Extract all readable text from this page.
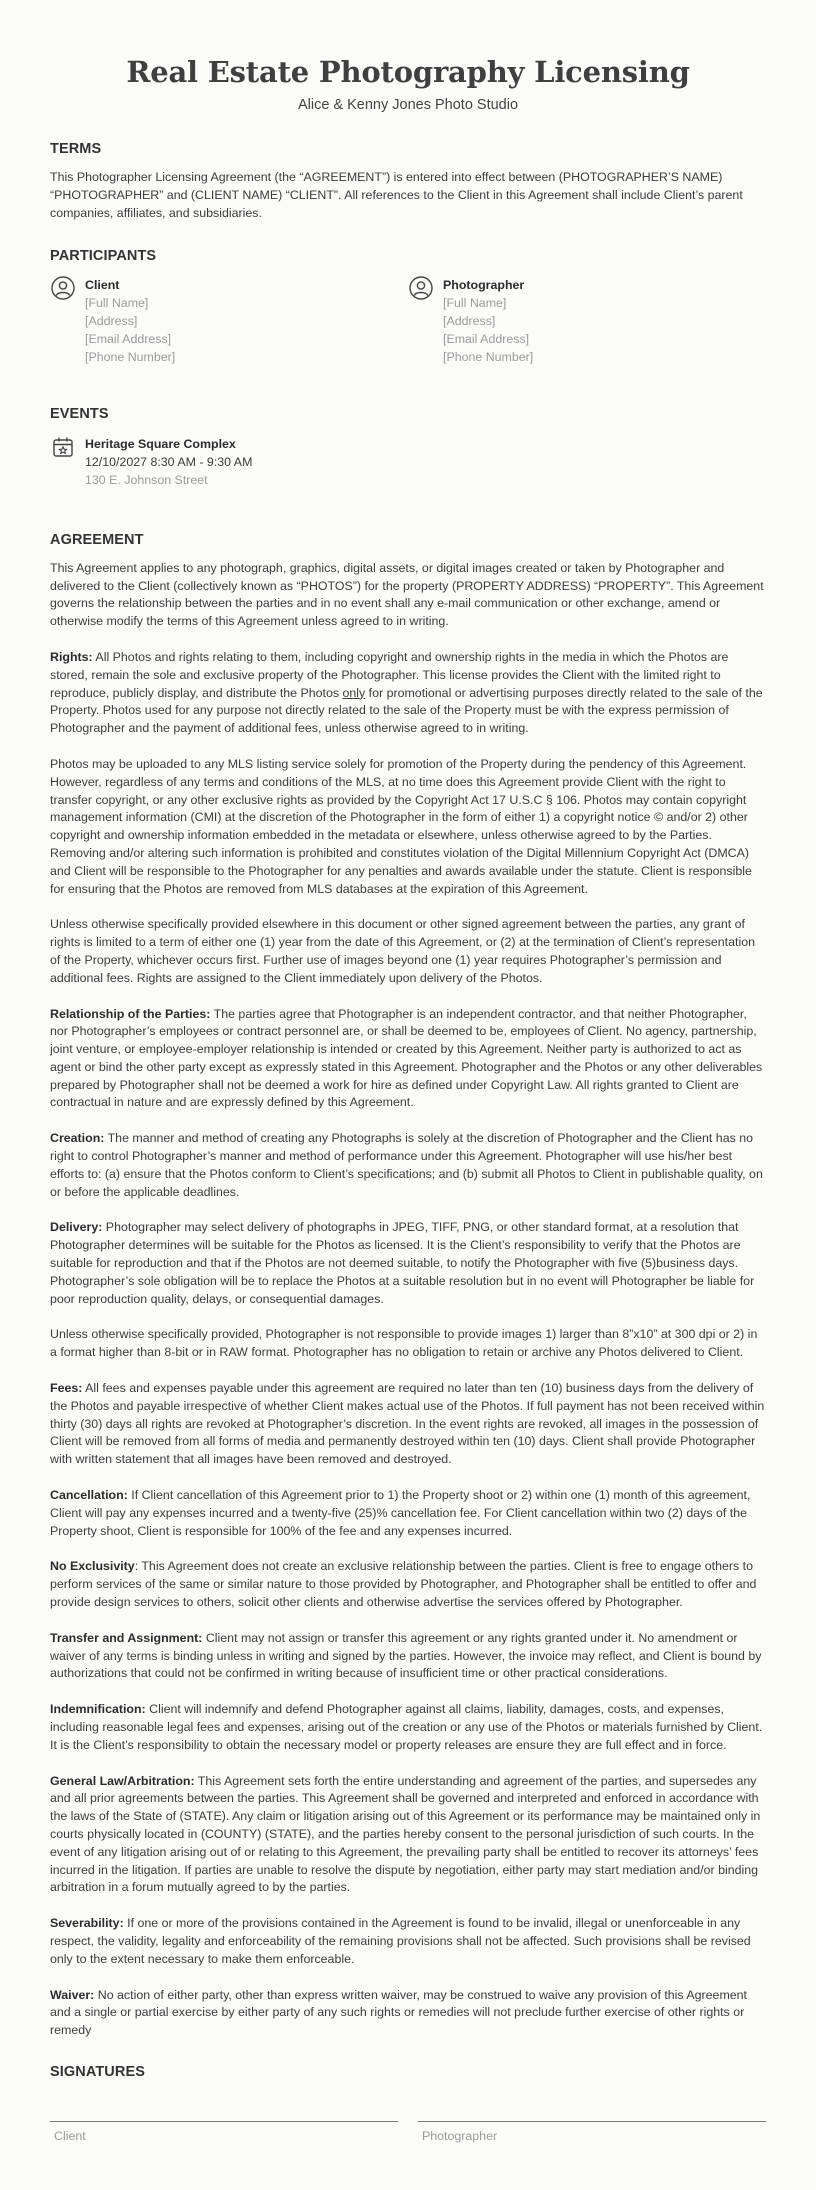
Real Estate Photography Licensing
Alice & Kenny Jones Photo Studio
TERMS

This Photographer Licensing Agreement (the “AGREEMENT”) is entered into effect between (PHOTOGRAPHER’S NAME) “PHOTOGRAPHER” and (CLIENT NAME) “CLIENT”. All references to the Client in this Agreement shall include Client’s parent companies, affiliates, and subsidiaries.

PARTICIPANTS
Client
[Full Name]
[Address]
[Email Address]
[Phone Number]
Photographer
[Full Name]
[Address]
[Email Address]
[Phone Number]
EVENTS
Heritage Square Complex
12/10/2027 8:30 AM - 9:30 AM
130 E. Johnson Street
AGREEMENT

This Agreement applies to any photograph, graphics, digital assets, or digital images created or taken by Photographer and delivered to the Client (collectively known as “PHOTOS”) for the property (PROPERTY ADDRESS) “PROPERTY”. This Agreement governs the relationship between the parties and in no event shall any e-mail communication or other exchange, amend or otherwise modify the terms of this Agreement unless agreed to in writing.

Rights: All Photos and rights relating to them, including copyright and ownership rights in the media in which the Photos are stored, remain the sole and exclusive property of the Photographer. This license provides the Client with the limited right to reproduce, publicly display, and distribute the Photos only for promotional or advertising purposes directly related to the sale of the Property. Photos used for any purpose not directly related to the sale of the Property must be with the express permission of Photographer and the payment of additional fees, unless otherwise agreed to in writing.

Photos may be uploaded to any MLS listing service solely for promotion of the Property during the pendency of this Agreement. However, regardless of any terms and conditions of the MLS, at no time does this Agreement provide Client with the right to transfer copyright, or any other exclusive rights as provided by the Copyright Act 17 U.S.C § 106. Photos may contain copyright management information (CMI) at the discretion of the Photographer in the form of either 1) a copyright notice © and/or 2) other copyright and ownership information embedded in the metadata or elsewhere, unless otherwise agreed to by the Parties. Removing and/or altering such information is prohibited and constitutes violation of the Digital Millennium Copyright Act (DMCA) and Client will be responsible to the Photographer for any penalties and awards available under the statute. Client is responsible for ensuring that the Photos are removed from MLS databases at the expiration of this Agreement.

Unless otherwise specifically provided elsewhere in this document or other signed agreement between the parties, any grant of rights is limited to a term of either one (1) year from the date of this Agreement, or (2) at the termination of Client’s representation of the Property, whichever occurs first. Further use of images beyond one (1) year requires Photographer’s permission and additional fees. Rights are assigned to the Client immediately upon delivery of the Photos.

Relationship of the Parties: The parties agree that Photographer is an independent contractor, and that neither Photographer, nor Photographer’s employees or contract personnel are, or shall be deemed to be, employees of Client. No agency, partnership, joint venture, or employee-employer relationship is intended or created by this Agreement. Neither party is authorized to act as agent or bind the other party except as expressly stated in this Agreement. Photographer and the Photos or any other deliverables prepared by Photographer shall not be deemed a work for hire as defined under Copyright Law. All rights granted to Client are contractual in nature and are expressly defined by this Agreement.

Creation: The manner and method of creating any Photographs is solely at the discretion of Photographer and the Client has no right to control Photographer’s manner and method of performance under this Agreement. Photographer will use his/her best efforts to: (a) ensure that the Photos conform to Client’s specifications; and (b) submit all Photos to Client in publishable quality, on or before the applicable deadlines.

Delivery: Photographer may select delivery of photographs in JPEG, TIFF, PNG, or other standard format, at a resolution that Photographer determines will be suitable for the Photos as licensed. It is the Client’s responsibility to verify that the Photos are suitable for reproduction and that if the Photos are not deemed suitable, to notify the Photographer with five (5)business days. Photographer’s sole obligation will be to replace the Photos at a suitable resolution but in no event will Photographer be liable for poor reproduction quality, delays, or consequential damages.

Unless otherwise specifically provided, Photographer is not responsible to provide images 1) larger than 8”x10” at 300 dpi or 2) in a format higher than 8-bit or in RAW format. Photographer has no obligation to retain or archive any Photos delivered to Client.

Fees: All fees and expenses payable under this agreement are required no later than ten (10) business days from the delivery of the Photos and payable irrespective of whether Client makes actual use of the Photos. If full payment has not been received within thirty (30) days all rights are revoked at Photographer’s discretion. In the event rights are revoked, all images in the possession of Client will be removed from all forms of media and permanently destroyed within ten (10) days. Client shall provide Photographer with written statement that all images have been removed and destroyed.

Cancellation: If Client cancellation of this Agreement prior to 1) the Property shoot or 2) within one (1) month of this agreement, Client will pay any expenses incurred and a twenty-five (25)% cancellation fee. For Client cancellation within two (2) days of the Property shoot, Client is responsible for 100% of the fee and any expenses incurred.

No Exclusivity: This Agreement does not create an exclusive relationship between the parties. Client is free to engage others to perform services of the same or similar nature to those provided by Photographer, and Photographer shall be entitled to offer and provide design services to others, solicit other clients and otherwise advertise the services offered by Photographer.

Transfer and Assignment: Client may not assign or transfer this agreement or any rights granted under it. No amendment or waiver of any terms is binding unless in writing and signed by the parties. However, the invoice may reflect, and Client is bound by authorizations that could not be confirmed in writing because of insufficient time or other practical considerations.

Indemnification: Client will indemnify and defend Photographer against all claims, liability, damages, costs, and expenses, including reasonable legal fees and expenses, arising out of the creation or any use of the Photos or materials furnished by Client. It is the Client’s responsibility to obtain the necessary model or property releases are ensure they are full effect and in force.

General Law/Arbitration: This Agreement sets forth the entire understanding and agreement of the parties, and supersedes any and all prior agreements between the parties. This Agreement shall be governed and interpreted and enforced in accordance with the laws of the State of (STATE). Any claim or litigation arising out of this Agreement or its performance may be maintained only in courts physically located in (COUNTY) (STATE), and the parties hereby consent to the personal jurisdiction of such courts. In the event of any litigation arising out of or relating to this Agreement, the prevailing party shall be entitled to recover its attorneys’ fees incurred in the litigation. If parties are unable to resolve the dispute by negotiation, either party may start mediation and/or binding arbitration in a forum mutually agreed to by the parties.

Severability: If one or more of the provisions contained in the Agreement is found to be invalid, illegal or unenforceable in any respect, the validity, legality and enforceability of the remaining provisions shall not be affected. Such provisions shall be revised only to the extent necessary to make them enforceable.

Waiver: No action of either party, other than express written waiver, may be construed to waive any provision of this Agreement and a single or partial exercise by either party of any such rights or remedies will not preclude further exercise of other rights or remedy

SIGNATURES
Client	Photographer
